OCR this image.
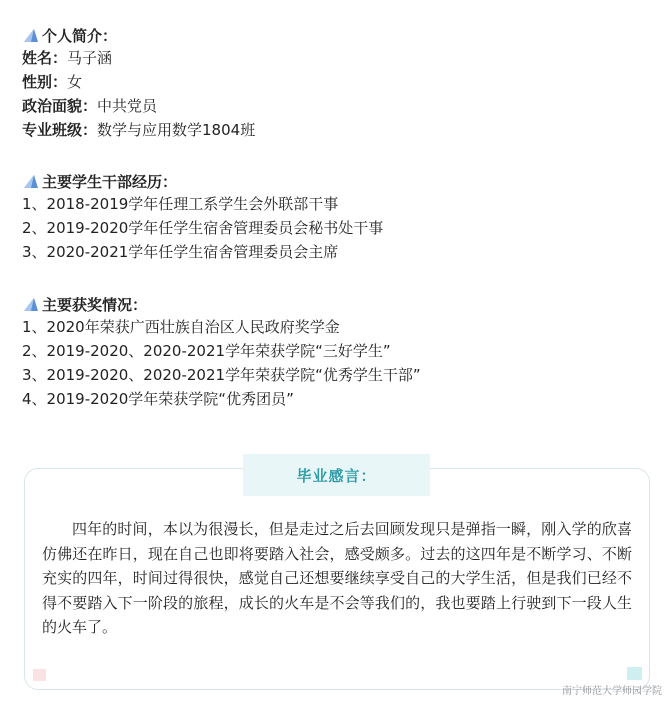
个人简介：
姓名：马子涵
性别：女
政治面貌：中共党员
专业班级：数学与应用数学1804班
主要学生干部经历：
1、2018-2019学年任理工系学生会外联部干事
2、2019-2020学年任学生宿舍管理委员会秘书处干事
3、2020-2021学年任学生宿舍管理委员会主席
主要获奖情况：
1、2020年荣获广西壮族自治区人民政府奖学金
2、2019-2020、2020-2021学年荣获学院“三好学生”
3、2019-2020、2020-2021学年荣获学院“优秀学生干部”
4、2019-2020学年荣获学院“优秀团员”
毕业感言：
四年的时间，本以为很漫长，但是走过之后去回顾发现只是弹指一瞬，刚入学的欣喜仿佛还在昨日，现在自己也即将要踏入社会，感受颇多。过去的这四年是不断学习、不断充实的四年，时间过得很快，感觉自己还想要继续享受自己的大学生活，但是我们已经不得不要踏入下一阶段的旅程，成长的火车是不会等我们的，我也要踏上行驶到下一段人生的火车了。
南宁师范大学师园学院
